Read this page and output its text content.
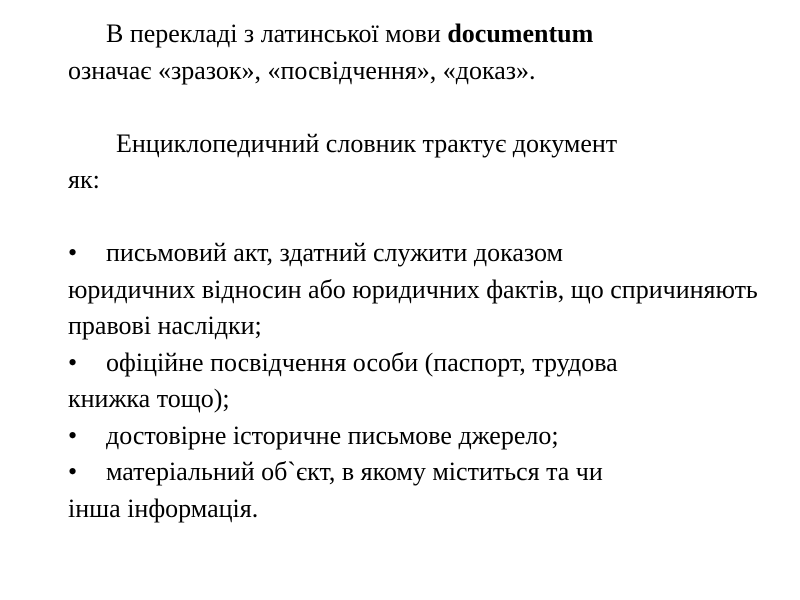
В перекладі з латинської мови documentum
означає «зразок», «посвідчення», «доказ».

Енциклопедичний словник трактує документ
як:

• письмовий акт, здатний служити доказом
юридичних відносин або юридичних фактів, що спричиняють правові наслідки;

• офіційне посвідчення особи (паспорт, трудова
книжка тощо);

• достовірне історичне письмове джерело;

• матеріальний об`єкт, в якому міститься та чи
інша інформація.
